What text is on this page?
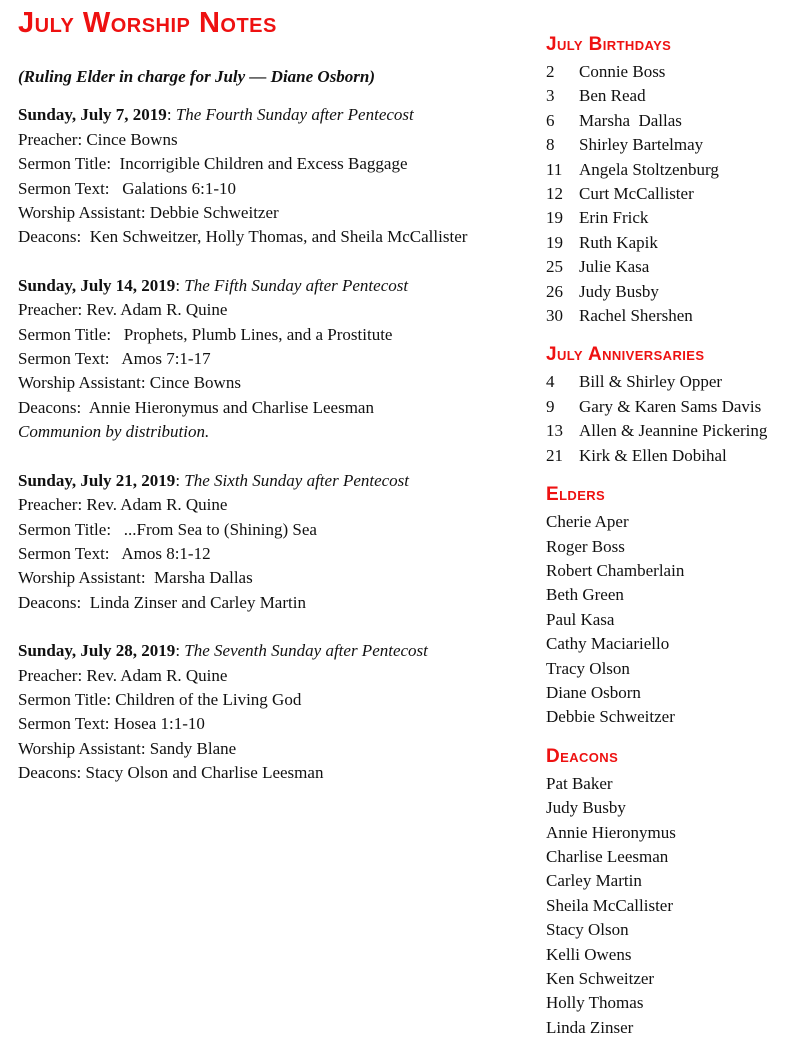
July Worship Notes

(Ruling Elder in charge for July — Diane Osborn)

Sunday, July 7, 2019: The Fourth Sunday after Pentecost

Preacher: Cince Bowns

Sermon Title:  Incorrigible Children and Excess Baggage

Sermon Text:   Galations 6:1-10

Worship Assistant: Debbie Schweitzer

Deacons:  Ken Schweitzer, Holly Thomas, and Sheila McCallister

Sunday, July 14, 2019: The Fifth Sunday after Pentecost

Preacher: Rev. Adam R. Quine

Sermon Title:   Prophets, Plumb Lines, and a Prostitute

Sermon Text:   Amos 7:1-17

Worship Assistant: Cince Bowns

Deacons:  Annie Hieronymus and Charlise Leesman

Communion by distribution.

Sunday, July 21, 2019: The Sixth Sunday after Pentecost

Preacher: Rev. Adam R. Quine

Sermon Title:   ...From Sea to (Shining) Sea

Sermon Text:   Amos 8:1-12

Worship Assistant:  Marsha Dallas

Deacons:  Linda Zinser and Carley Martin

Sunday, July 28, 2019: The Seventh Sunday after Pentecost

Preacher: Rev. Adam R. Quine

Sermon Title: Children of the Living God

Sermon Text: Hosea 1:1-10

Worship Assistant: Sandy Blane

Deacons: Stacy Olson and Charlise Leesman

July Birthdays
2	Connie Boss
3	Ben Read
6	Marsha  Dallas
8	Shirley Bartelmay
11 Angela Stoltzenburg
12 Curt McCallister
19 Erin Frick
19 Ruth Kapik
25 Julie Kasa
26 Judy Busby
30 Rachel Shershen
July Anniversaries
4	Bill & Shirley Opper
9	Gary & Karen Sams Davis
13 Allen & Jeannine Pickering
21 Kirk & Ellen Dobihal
Elders

Cherie Aper

Roger Boss

Robert Chamberlain

Beth Green

Paul Kasa

Cathy Maciariello

Tracy Olson

Diane Osborn

Debbie Schweitzer

Deacons

Pat Baker

Judy Busby

Annie Hieronymus

Charlise Leesman

Carley Martin

Sheila McCallister

Stacy Olson

Kelli Owens

Ken Schweitzer

Holly Thomas

Linda Zinser
